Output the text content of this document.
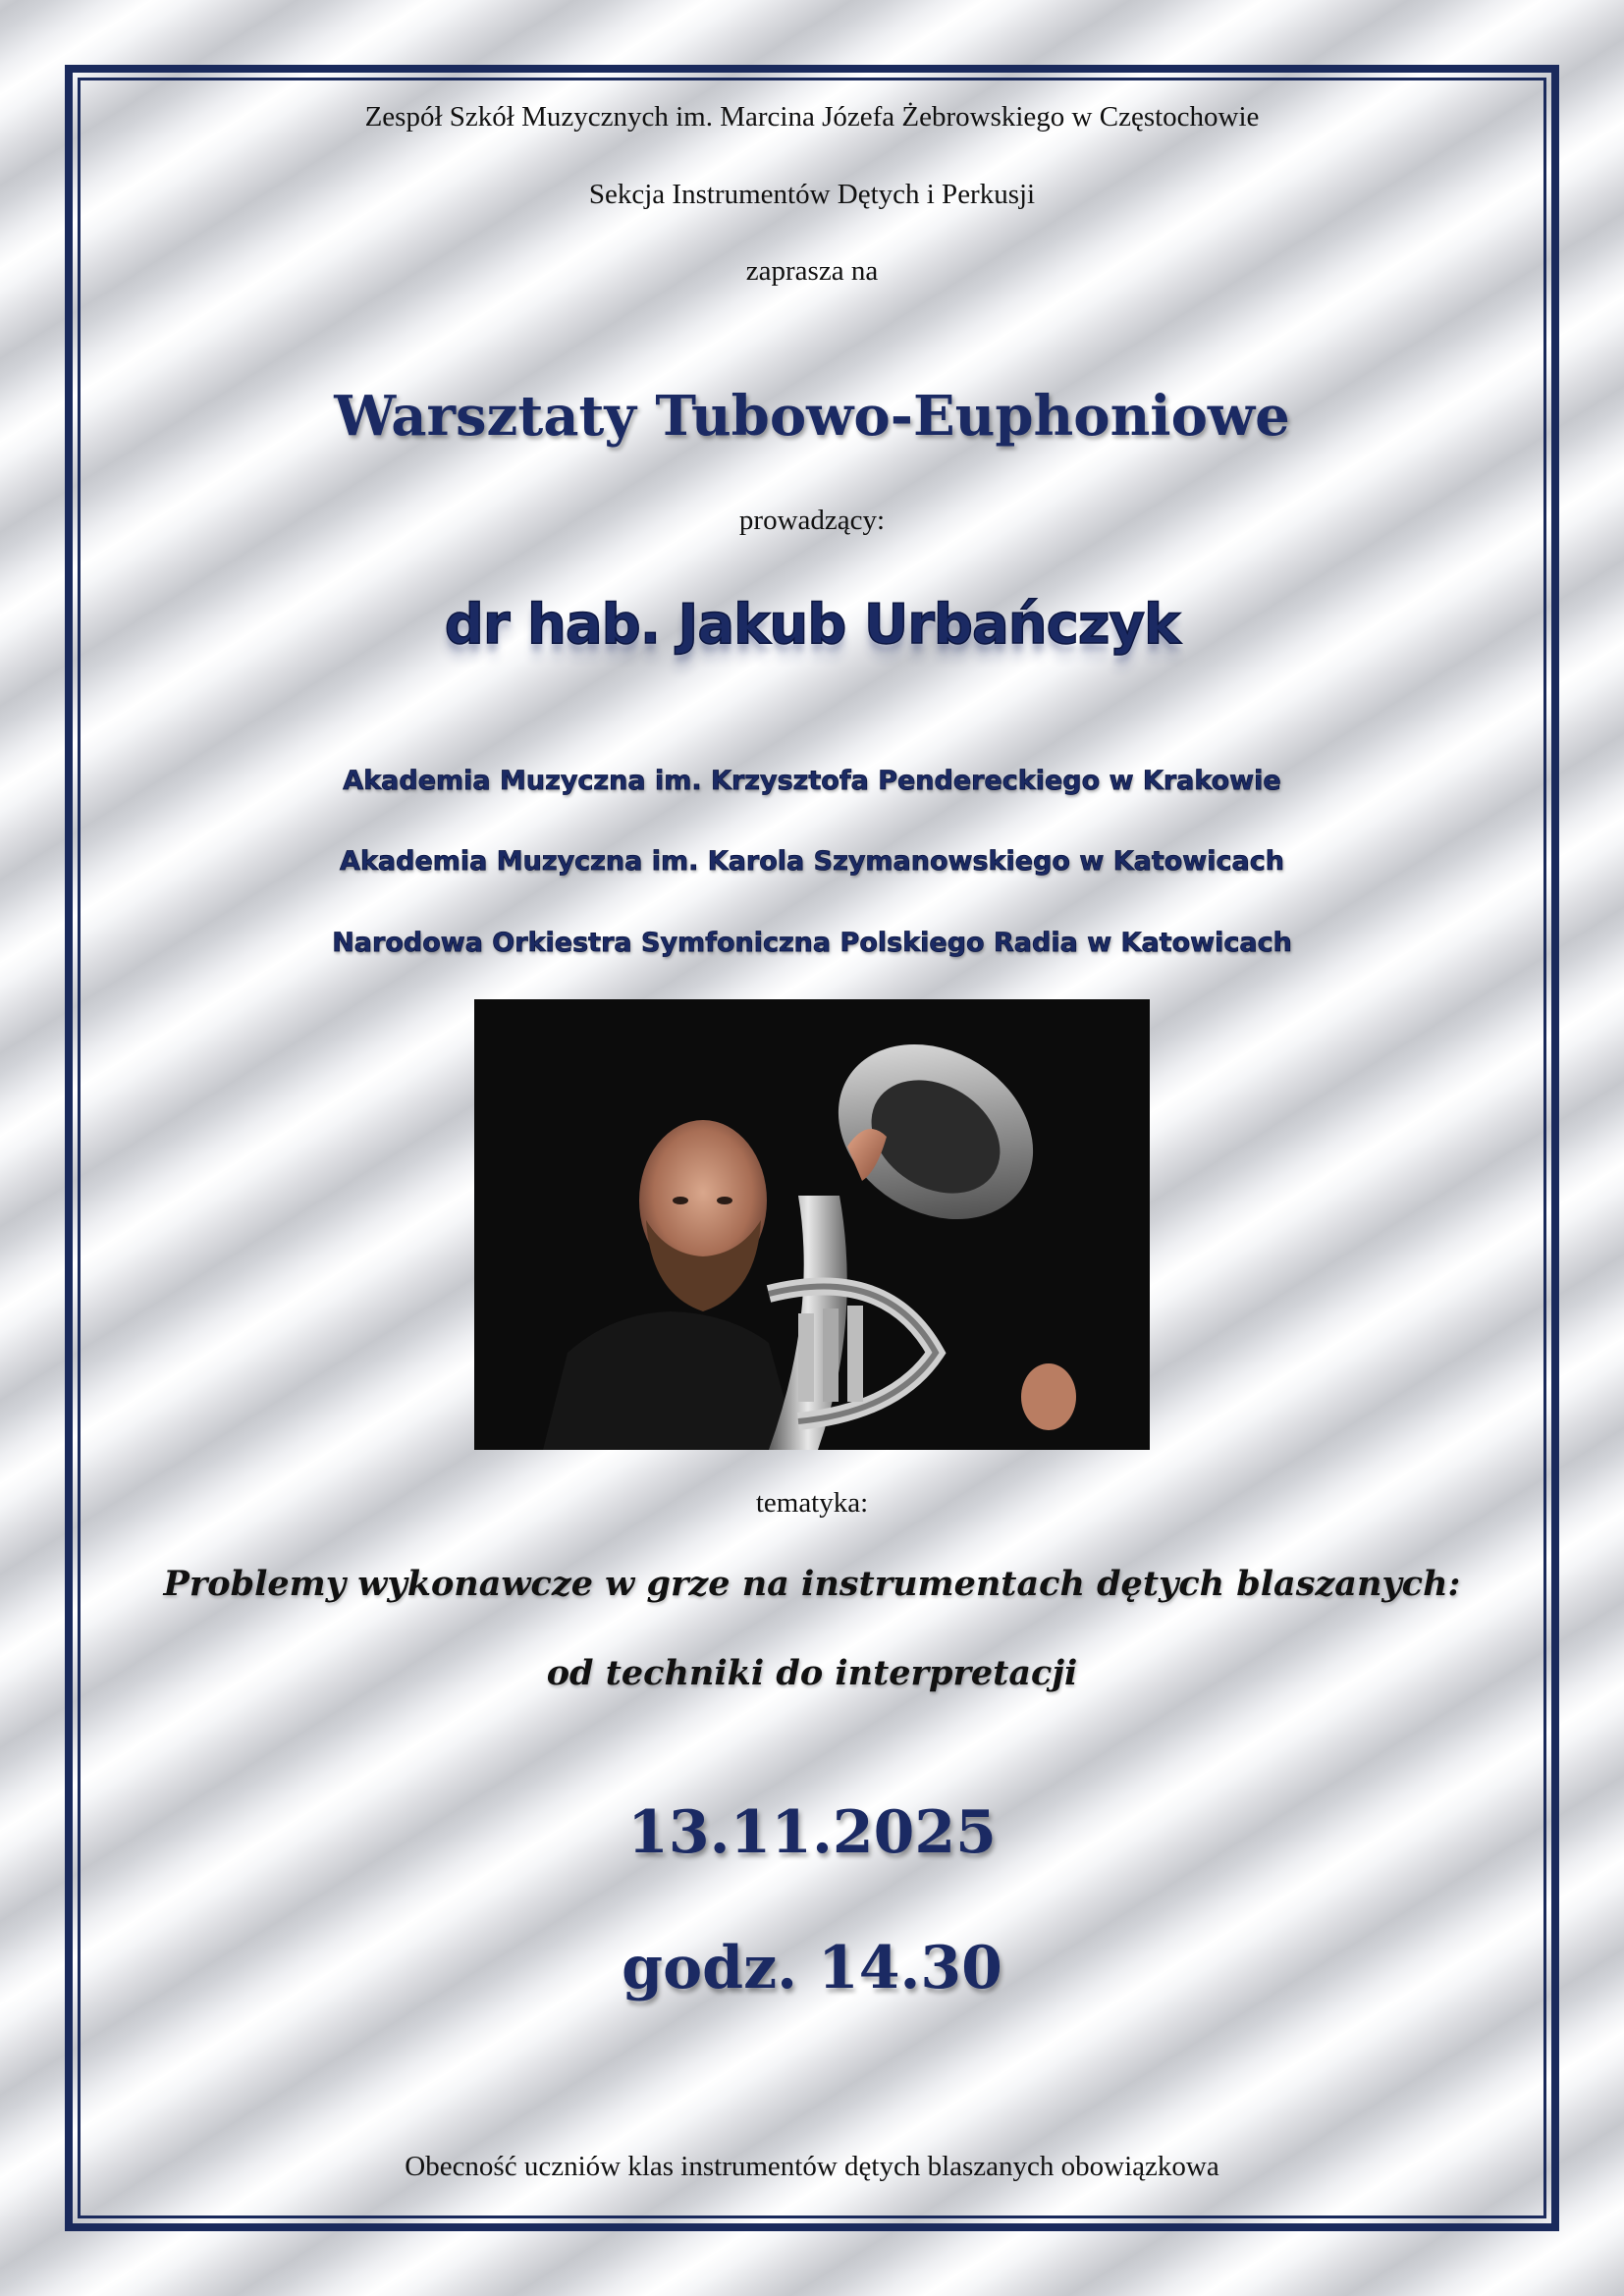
Zespół Szkół Muzycznych im. Marcina Józefa Żebrowskiego w Częstochowie
Sekcja Instrumentów Dętych i Perkusji
zaprasza na
Warsztaty Tubowo-Euphoniowe
prowadzący:
dr hab. Jakub Urbańczyk
Akademia Muzyczna im. Krzysztofa Pendereckiego w Krakowie
Akademia Muzyczna im. Karola Szymanowskiego w Katowicach
Narodowa Orkiestra Symfoniczna Polskiego Radia w Katowicach
tematyka:
Problemy wykonawcze w grze na instrumentach dętych blaszanych:
od techniki do interpretacji
13.11.2025
godz. 14.30
Obecność uczniów klas instrumentów dętych blaszanych obowiązkowa
